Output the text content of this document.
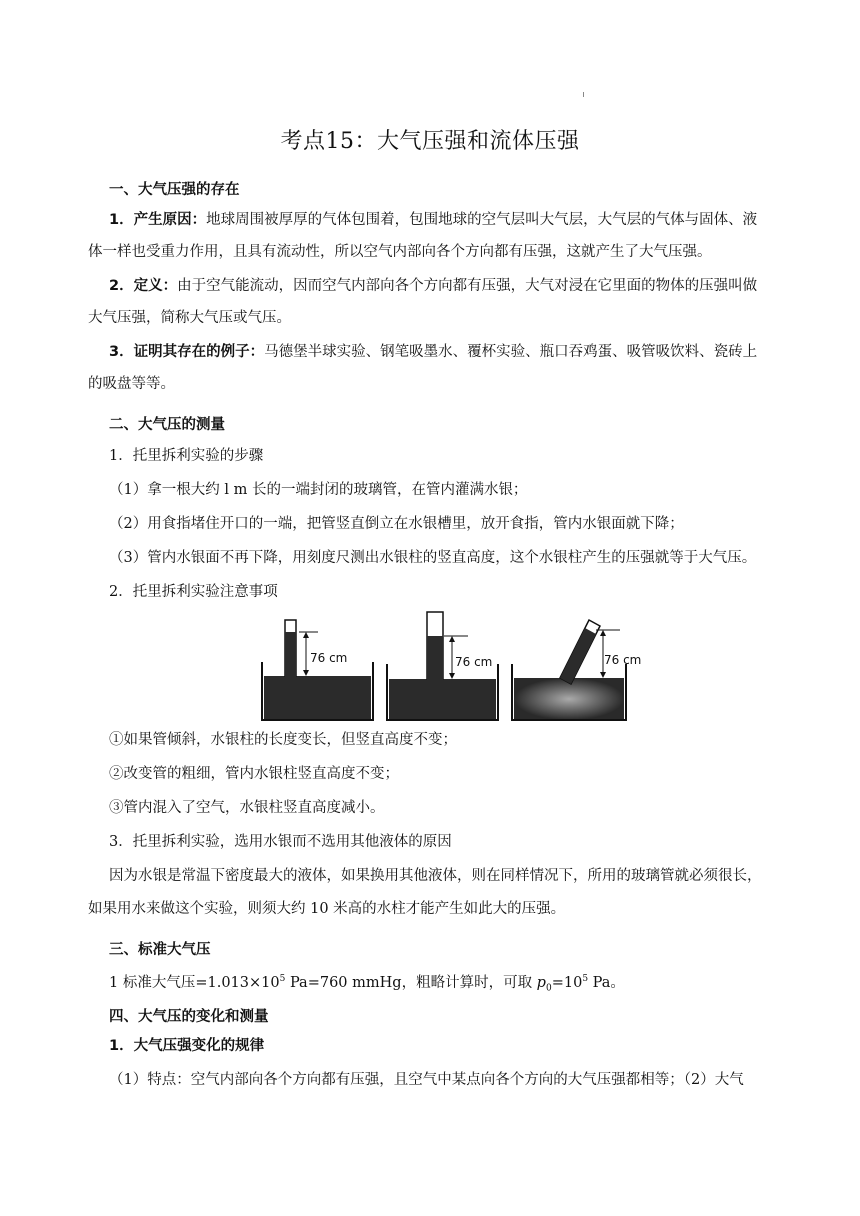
考点15：大气压强和流体压强
一、大气压强的存在
1．产生原因：地球周围被厚厚的气体包围着，包围地球的空气层叫大气层，大气层的气体与固体、液
体一样也受重力作用，且具有流动性，所以空气内部向各个方向都有压强，这就产生了大气压强。
2．定义：由于空气能流动，因而空气内部向各个方向都有压强，大气对浸在它里面的物体的压强叫做
大气压强，简称大气压或气压。
3．证明其存在的例子：马德堡半球实验、钢笔吸墨水、覆杯实验、瓶口吞鸡蛋、吸管吸饮料、瓷砖上
的吸盘等等。
二、大气压的测量
1．托里拆利实验的步骤
（1）拿一根大约 l m 长的一端封闭的玻璃管，在管内灌满水银；
（2）用食指堵住开口的一端，把管竖直倒立在水银槽里，放开食指，管内水银面就下降；
（3）管内水银面不再下降，用刻度尺测出水银柱的竖直高度，这个水银柱产生的压强就等于大气压。
2．托里拆利实验注意事项
76 cm	76 cm	76 cm
①如果管倾斜，水银柱的长度变长，但竖直高度不变；
②改变管的粗细，管内水银柱竖直高度不变；
③管内混入了空气，水银柱竖直高度减小。
3．托里拆利实验，选用水银而不选用其他液体的原因
因为水银是常温下密度最大的液体，如果换用其他液体，则在同样情况下，所用的玻璃管就必须很长，
如果用水来做这个实验，则须大约 10 米高的水柱才能产生如此大的压强。
三、标准大气压
1 标准大气压$=1.013\times 10^5$ Pa=760 mmHg，粗略计算时，可取 $p_0=10^5$ Pa。
四、大气压的变化和测量
1．大气压强变化的规律
（1）特点：空气内部向各个方向都有压强，且空气中某点向各个方向的大气压强都相等；（2）大气
